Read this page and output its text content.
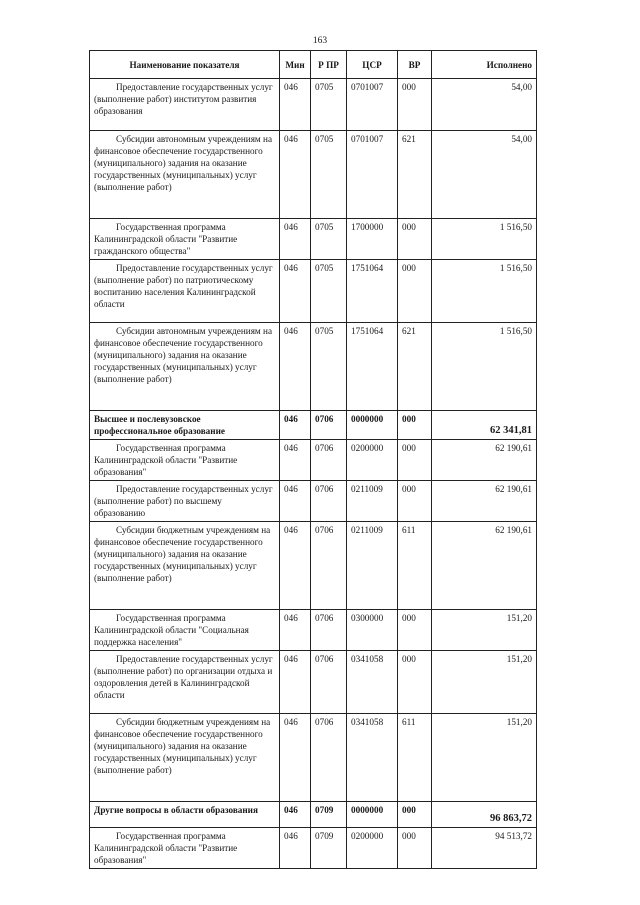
163
Наименование показателя	Мин	Р ПР	ЦСР	ВР	Исполнено
Предоставление государственных услуг (выполнение работ) институтом развития образования	046	0705	0701007	000	54,00
Субсидии автономным учреждениям на финансовое обеспечение государственного (муниципального) задания на оказание государственных (муниципальных) услуг (выполнение работ)	046	0705	0701007	621	54,00
Государственная программа Калининградской области "Развитие гражданского общества"	046	0705	1700000	000	1 516,50
Предоставление государственных услуг (выполнение работ) по патриотическому воспитанию населения Калининградской области	046	0705	1751064	000	1 516,50
Субсидии автономным учреждениям на финансовое обеспечение государственного (муниципального) задания на оказание государственных (муниципальных) услуг (выполнение работ)	046	0705	1751064	621	1 516,50
Высшее и послевузовское профессиональное образование	046	0706	0000000	000	62 341,81
Государственная программа Калининградской области "Развитие образования"	046	0706	0200000	000	62 190,61
Предоставление государственных услуг (выполнение работ) по высшему образованию	046	0706	0211009	000	62 190,61
Субсидии бюджетным учреждениям на финансовое обеспечение государственного (муниципального) задания на оказание государственных (муниципальных) услуг (выполнение работ)	046	0706	0211009	611	62 190,61
Государственная программа Калининградской области "Социальная поддержка населения"	046	0706	0300000	000	151,20
Предоставление государственных услуг (выполнение работ) по организации отдыха и оздоровления детей в Калининградской области	046	0706	0341058	000	151,20
Субсидии бюджетным учреждениям на финансовое обеспечение государственного (муниципального) задания на оказание государственных (муниципальных) услуг (выполнение работ)	046	0706	0341058	611	151,20
Другие вопросы в области образования	046	0709	0000000	000	96 863,72
Государственная программа Калининградской области "Развитие образования"	046	0709	0200000	000	94 513,72
